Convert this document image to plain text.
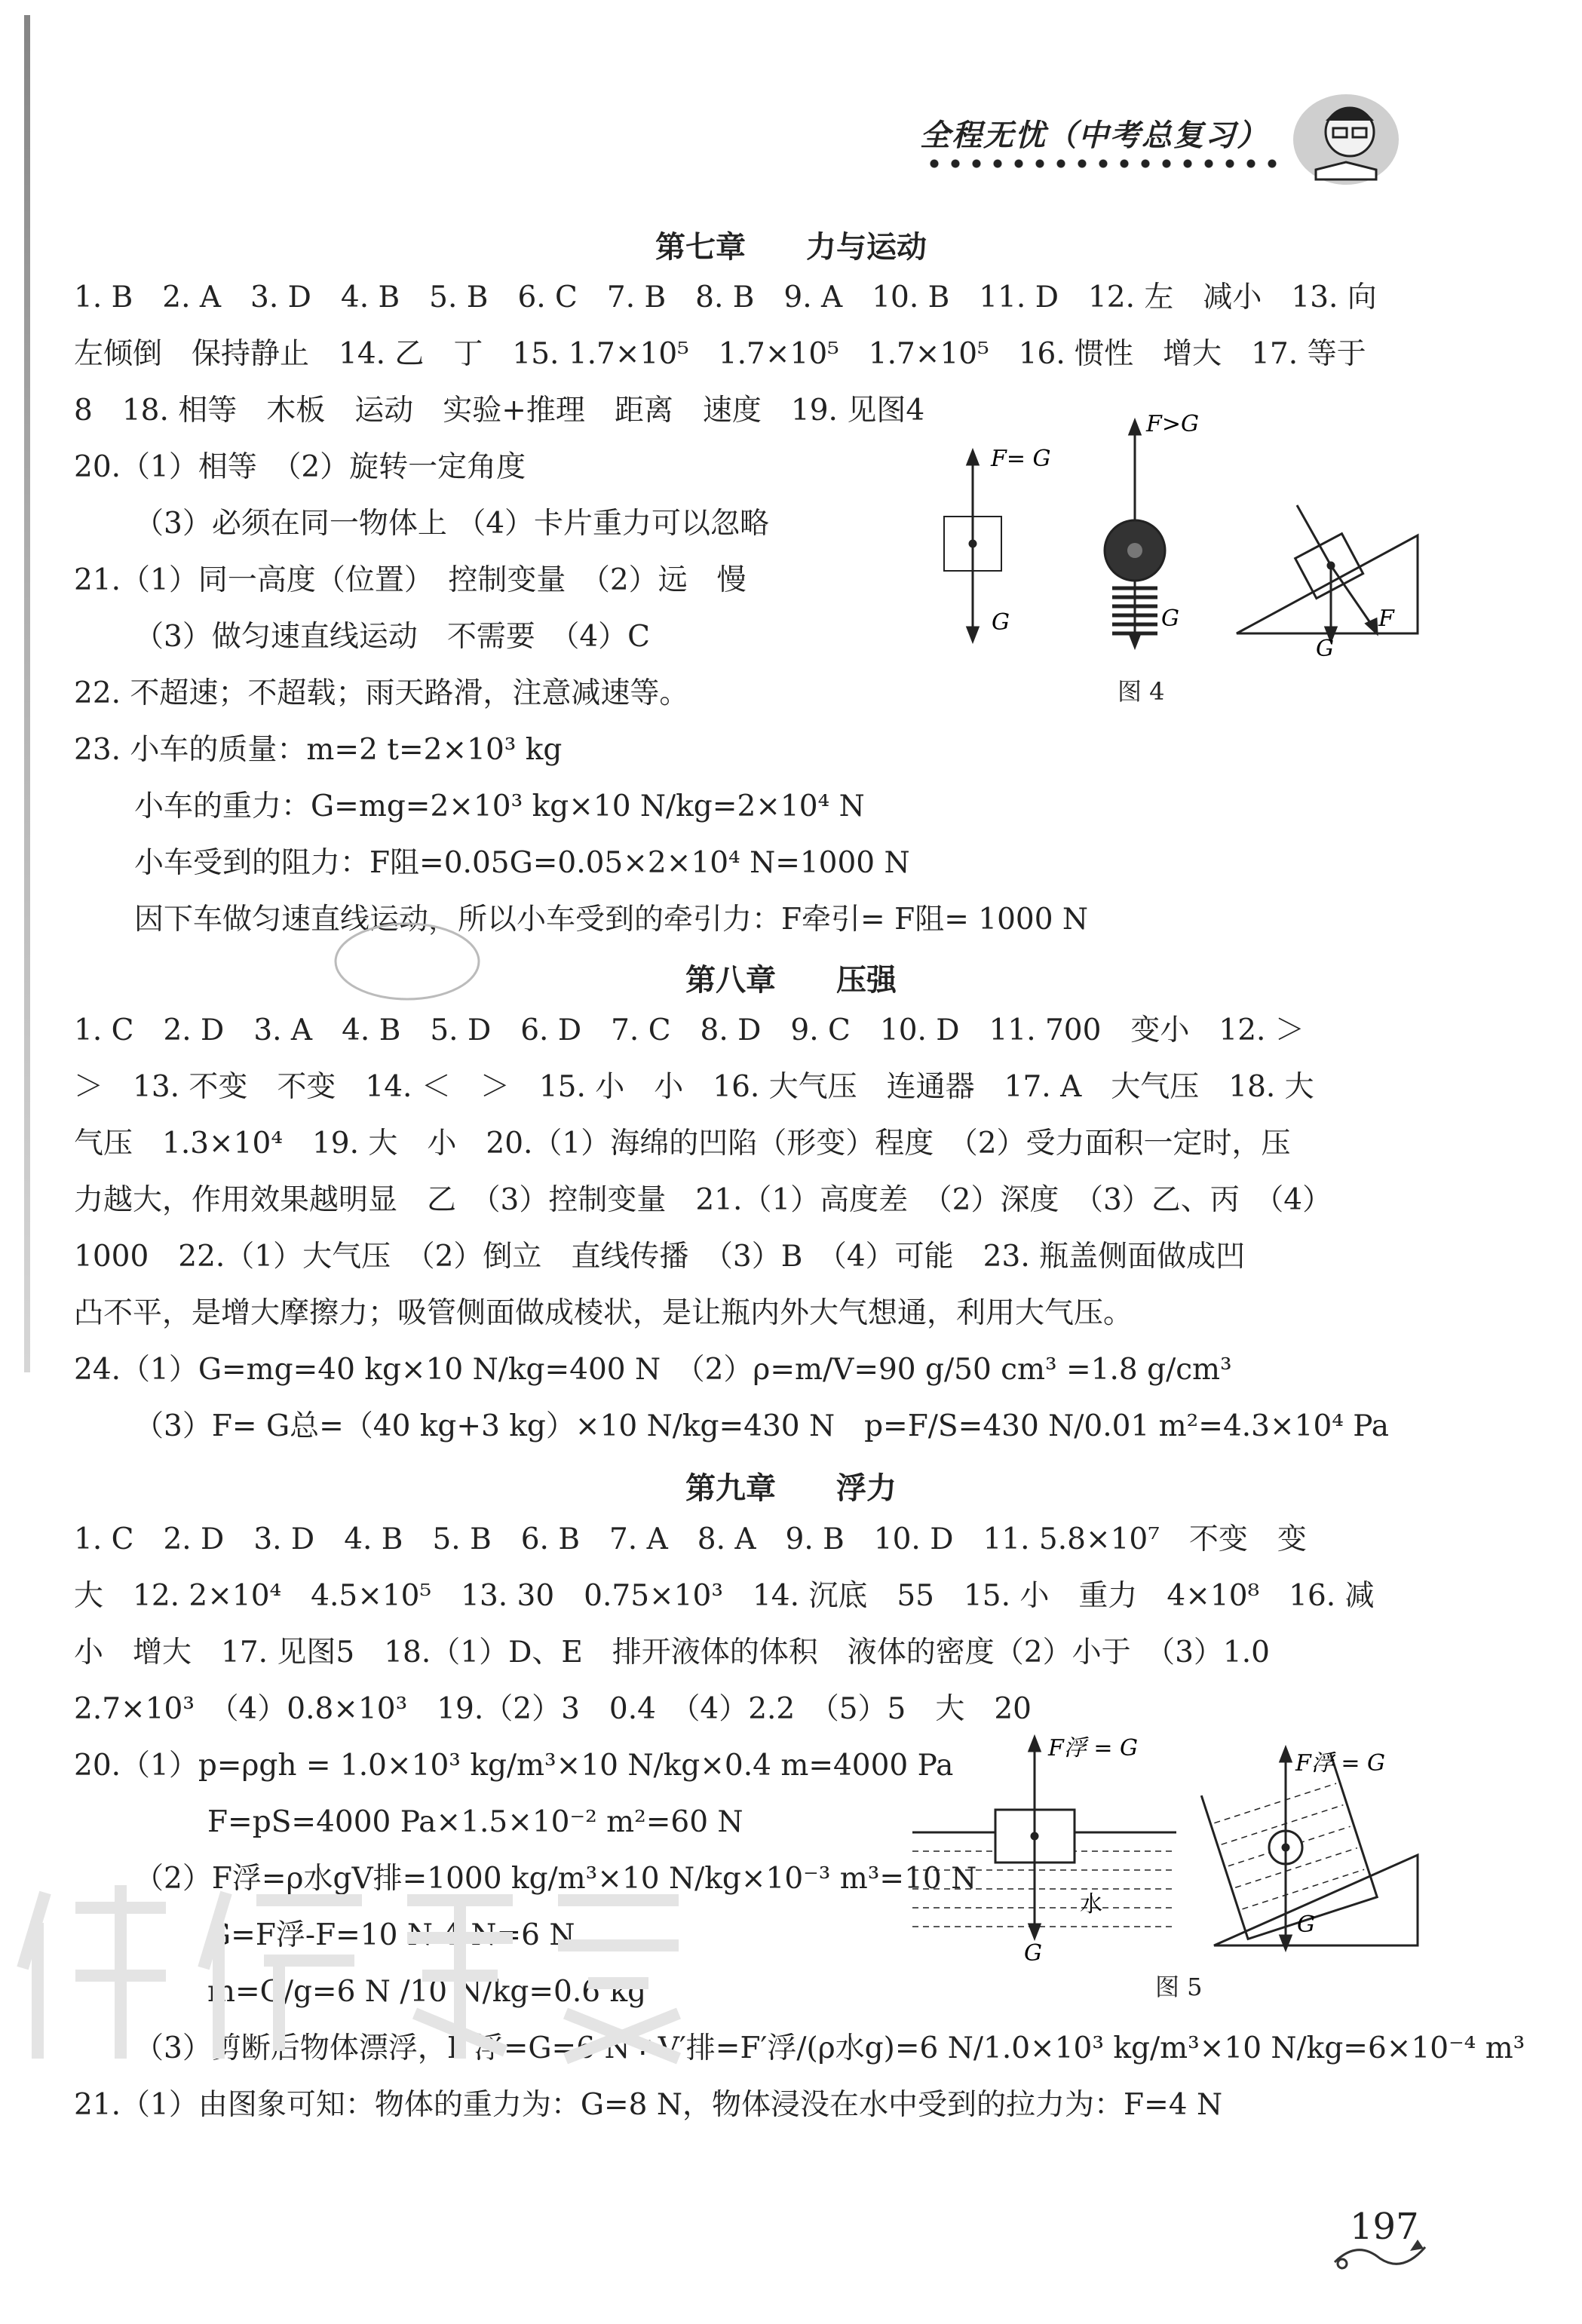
全程无忧（中考总复习）
第七章　　力与运动
1. B　2. A　3. D　4. B　5. B　6. C　7. B　8. B　9. A　10. B　11. D　12. 左　减小　13. 向
左倾倒　保持静止　14. 乙　丁　15. 1.7×10⁵　1.7×10⁵　1.7×10⁵　16. 惯性　增大　17. 等于
8　18. 相等　木板　运动　实验+推理　距离　速度　19. 见图4
20.（1）相等　（2）旋转一定角度
（3）必须在同一物体上 （4）卡片重力可以忽略
21.（1）同一高度（位置）　控制变量　（2）远　慢
（3）做匀速直线运动　不需要　（4）C
22. 不超速；不超载；雨天路滑，注意减速等。
23. 小车的质量：m=2 t=2×10³ kg
小车的重力：G=mg=2×10³ kg×10 N/kg=2×10⁴ N
小车受到的阻力：F阻=0.05G=0.05×2×10⁴ N=1000 N
因下车做匀速直线运动，所以小车受到的牵引力：F牵引= F阻= 1000 N
F= G
G
F>G
G	F
G
图 4
第八章　　压强
1. C　2. D　3. A　4. B　5. D　6. D　7. C　8. D　9. C　10. D　11. 700　变小　12. ＞
＞　13. 不变　不变　14. ＜　＞　15. 小　小　16. 大气压　连通器　17. A　大气压　18. 大
气压　1.3×10⁴　19. 大　小　20.（1）海绵的凹陷（形变）程度　（2）受力面积一定时，压
力越大，作用效果越明显　乙　（3）控制变量　21.（1）高度差　（2）深度　（3）乙、丙　（4）
1000　22.（1）大气压　（2）倒立　直线传播　（3）B　（4）可能　23. 瓶盖侧面做成凹
凸不平，是增大摩擦力；吸管侧面做成棱状，是让瓶内外大气想通，利用大气压。
24.（1）G=mg=40 kg×10 N/kg=400 N　（2）ρ=m/V=90 g/50 cm³ =1.8 g/cm³
（3）F= G总=（40 kg+3 kg）×10 N/kg=430 N　p=F/S=430 N/0.01 m²=4.3×10⁴ Pa
第九章　　浮力
1. C　2. D　3. D　4. B　5. B　6. B　7. A　8. A　9. B　10. D　11. 5.8×10⁷　不变　变
大　12. 2×10⁴　4.5×10⁵　13. 30　0.75×10³　14. 沉底　55　15. 小　重力　4×10⁸　16. 减
小　增大　17. 见图5　18.（1）D、E　排开液体的体积　液体的密度（2）小于　（3）1.0
2.7×10³　（4）0.8×10³　19.（2）3　0.4　（4）2.2　（5）5　大　20
20.（1）p=ρgh = 1.0×10³ kg/m³×10 N/kg×0.4 m=4000 Pa
F=pS=4000 Pa×1.5×10⁻² m²=60 N
（2）F浮=ρ水gV排=1000 kg/m³×10 N/kg×10⁻³ m³=10 N
G=F浮-F=10 N-4 N=6 N
m=G/g=6 N /10 N/kg=0.6 kg
（3）剪断后物体漂浮，F′浮=G=6 N ∴V′排=F′浮/(ρ水g)=6 N/1.0×10³ kg/m³×10 N/kg=6×10⁻⁴ m³
21.（1）由图象可知：物体的重力为：G=8 N，物体浸没在水中受到的拉力为：F=4 N
F浮 = G
水
G
F浮 = G
G
图 5
197
